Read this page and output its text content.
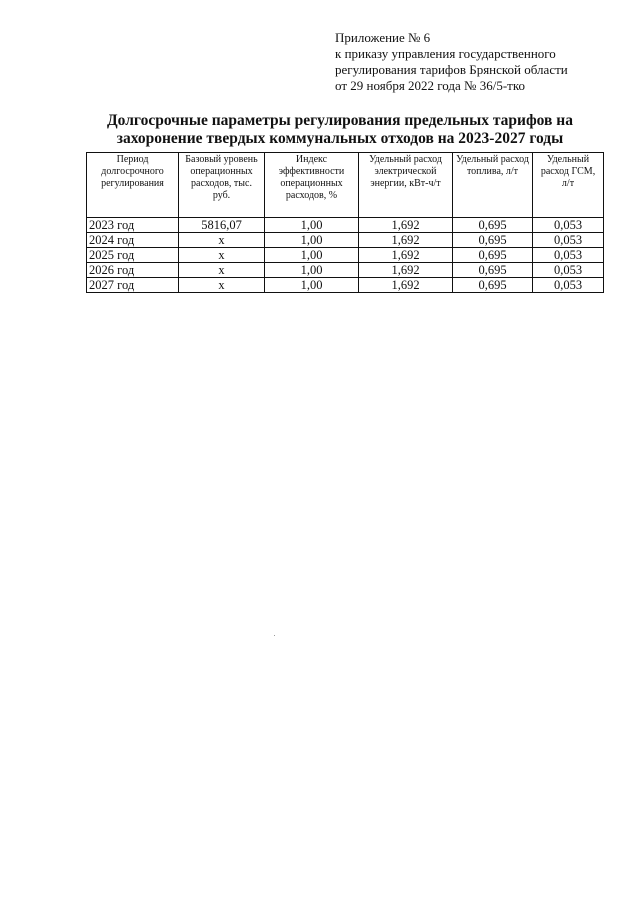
Приложение № 6
к приказу управления государственного
регулирования тарифов Брянской области
от 29 ноября 2022 года № 36/5-тко
Долгосрочные параметры регулирования предельных тарифов на
захоронение твердых коммунальных отходов на 2023-2027 годы
Период долгосрочного регулирования	Базовый уровень операционных расходов, тыс. руб.	Индекс эффективности операционных расходов, %	Удельный расход электрической энергии, кВт-ч/т	Удельный расход топлива, л/т	Удельный расход ГСМ, л/т
2023 год	5816,07	1,00	1,692	0,695	0,053
2024 год	x	1,00	1,692	0,695	0,053
2025 год	x	1,00	1,692	0,695	0,053
2026 год	x	1,00	1,692	0,695	0,053
2027 год	x	1,00	1,692	0,695	0,053
